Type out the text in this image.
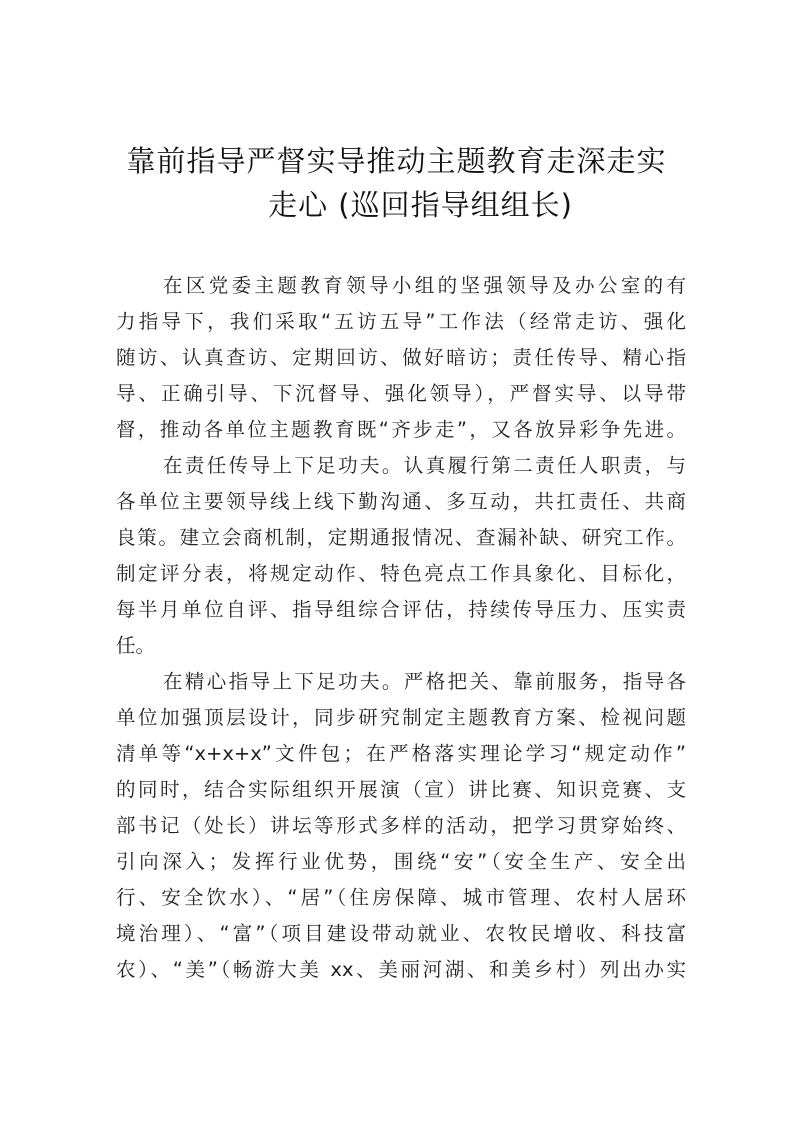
靠前指导严督实导推动主题教育走深走实
走心 (巡回指导组组长)
在区党委主题教育领导小组的坚强领导及办公室的有
力指导下，我们采取“五访五导”工作法（经常走访、强化
随访、认真查访、定期回访、做好暗访；责任传导、精心指
导、正确引导、下沉督导、强化领导），严督实导、以导带
督，推动各单位主题教育既“齐步走”，又各放异彩争先进。
在责任传导上下足功夫。认真履行第二责任人职责，与
各单位主要领导线上线下勤沟通、多互动，共扛责任、共商
良策。建立会商机制，定期通报情况、查漏补缺、研究工作。
制定评分表，将规定动作、特色亮点工作具象化、目标化，
每半月单位自评、指导组综合评估，持续传导压力、压实责
任。
在精心指导上下足功夫。严格把关、靠前服务，指导各
单位加强顶层设计，同步研究制定主题教育方案、检视问题
清单等“x+x+x”文件包；在严格落实理论学习“规定动作”
的同时，结合实际组织开展演（宣）讲比赛、知识竞赛、支
部书记（处长）讲坛等形式多样的活动，把学习贯穿始终、
引向深入；发挥行业优势，围绕“安”（安全生产、安全出
行、安全饮水）、“居”（住房保障、城市管理、农村人居环
境治理）、“富”（项目建设带动就业、农牧民增收、科技富
农）、“美”（畅游大美 xx、美丽河湖、和美乡村）列出办实
